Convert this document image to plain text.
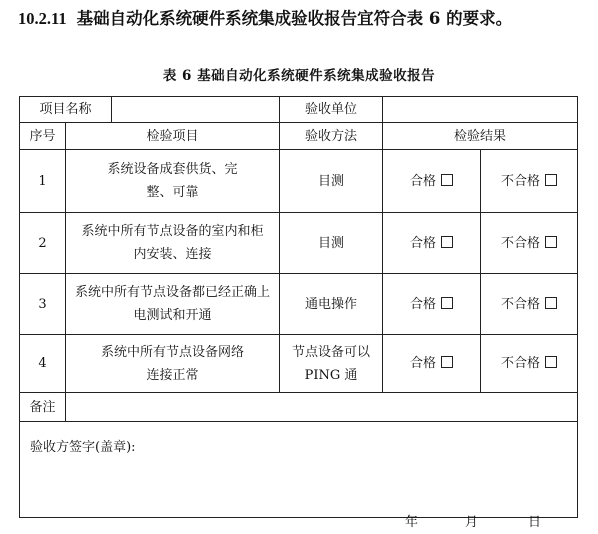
10.2.11 基础自动化系统硬件系统集成验收报告宜符合表 6 的要求。
表 6 基础自动化系统硬件系统集成验收报告
项目名称			验收单位		
序号	检验项目		验收方法	检验结果	
1	系统设备成套供货、完整、可靠		目测	合格	不合格
2	系统中所有节点设备的室内和柜内安装、连接		目测	合格	不合格
3	系统中所有节点设备都已经正确上电测试和开通		通电操作	合格	不合格
4	系统中所有节点设备网络连接正常		节点设备可以 PING 通	合格	不合格
备注					

验收方签字(盖章):
年 月 日					
